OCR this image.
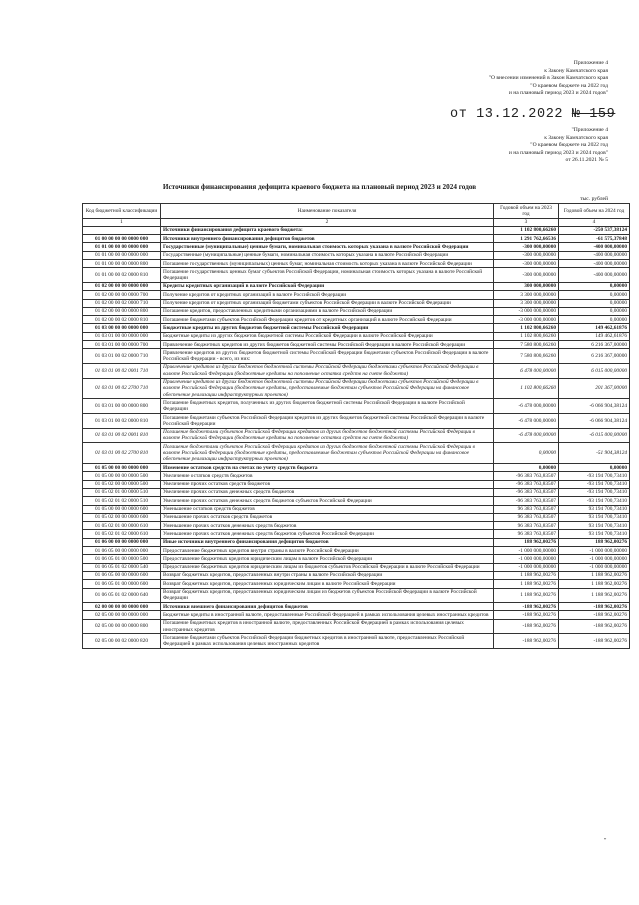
Приложение 4
к Закону Камчатского края
"О внесении изменений в Закон Камчатского края
"О краевом бюджете на 2022 год
и на плановый период 2023 и 2024 годов"
от 13.12.2022 № 159
"Приложение 4
к Закону Камчатского края
"О краевом бюджете на 2022 год
и на плановый период 2023 и 2024 годов"
от 26.11.2021 № 5
Источники финансирования дефицита краевого бюджета на плановый период 2023 и 2024 годов
тыс. рублей
Код бюджетной классификации	Наименование показателя	Годовой объем на 2023 год	Годовой объем на 2024 год
1	2	3	4
	Источники финансирования дефицита краевого бюджета:	1 102 800,66260	-250 537,38124
01 00 00 00 00 0000 000	Источники внутреннего финансирования дефицитов бюджетов	1 291 762,66536	-61 575,37848
01 01 00 00 00 0000 000	Государственные (муниципальные) ценные бумаги, номинальная стоимость которых указана в валюте Российской Федерации	-300 000,00000	-400 000,00000
01 01 00 00 00 0000 000	Государственные (муниципальные) ценные бумаги, номинальная стоимость которых указана в валюте Российской Федерации	-300 000,00000	-400 000,00000
01 01 00 00 00 0000 800	Погашение государственных (муниципальных) ценных бумаг, номинальная стоимость которых указана в валюте Российской Федерации	-300 000,00000	-400 000,00000
01 01 00 00 02 0000 810	Погашение государственных ценных бумаг субъектов Российской Федерации, номинальная стоимость которых указана в валюте Российской Федерации	-300 000,00000	-400 000,00000
01 02 00 00 00 0000 000	Кредиты кредитных организаций в валюте Российской Федерации	300 000,00000	0,00000
01 02 00 00 00 0000 700	Получение кредитов от кредитных организаций в валюте Российской Федерации	3 300 000,00000	0,00000
01 02 00 00 02 0000 710	Получение кредитов от кредитных организаций бюджетами субъектов Российской Федерации в валюте Российской Федерации	3 300 000,00000	0,00000
01 02 00 00 00 0000 800	Погашение кредитов, предоставленных кредитными организациями в валюте Российской Федерации	-3 000 000,00000	0,00000
01 02 00 00 02 0000 810	Погашение бюджетами субъектов Российской Федерации кредитов от кредитных организаций в валюте Российской Федерации	-3 000 000,00000	0,00000
01 03 00 00 00 0000 000	Бюджетные кредиты из других бюджетов бюджетной системы Российской Федерации	1 102 800,66260	149 462,61876
01 03 01 00 00 0000 000	Бюджетные кредиты из других бюджетов бюджетной системы Российской Федерации в валюте Российской Федерации	1 102 800,66260	149 462,61876
01 03 01 00 00 0000 700	Привлечение бюджетных кредитов из других бюджетов бюджетной системы Российской Федерации в валюте Российской Федерации	7 580 800,66260	6 216 367,00000
01 03 01 00 02 0000 710	Привлечение кредитов из других бюджетов бюджетной системы Российской Федерации бюджетами субъектов Российской Федерации в валюте Российской Федерации - всего, из них:	7 580 800,66260	6 216 367,00000
01 03 01 00 02 0001 710	Привлечение кредитов из других бюджетов бюджетной системы Российской Федерации бюджетами субъектов Российской Федерации в валюте Российской Федерации (бюджетные кредиты на пополнение остатка средств на счете бюджета)	6 478 000,00000	6 015 000,00000
01 03 01 00 02 2700 710	Привлечение кредитов из других бюджетов бюджетной системы Российской Федерации бюджетами субъектов Российской Федерации в валюте Российской Федерации (бюджетные кредиты, предоставляемые бюджетам субъектов Российской Федерации на финансовое обеспечение реализации инфраструктурных проектов)	1 102 800,66260	201 367,00000
01 03 01 00 00 0000 800	Погашение бюджетных кредитов, полученных из других бюджетов бюджетной системы Российской Федерации в валюте Российской Федерации	-6 478 000,00000	-6 066 904,38124
01 03 01 00 02 0000 810	Погашение бюджетами субъектов Российской Федерации кредитов из других бюджетов бюджетной системы Российской Федерации в валюте Российской Федерации	-6 478 000,00000	-6 066 904,38124
01 03 01 00 02 0001 810	Погашение бюджетами субъектов Российской Федерации кредитов из других бюджетов бюджетной системы Российской Федерации в валюте Российской Федерации (бюджетные кредиты на пополнение остатка средств на счете бюджета)	-6 478 000,00000	-6 015 000,00000
01 03 01 00 02 2700 810	Погашение бюджетами субъектов Российской Федерации кредитов из других бюджетов бюджетной системы Российской Федерации в валюте Российской Федерации (бюджетные кредиты, предоставляемые бюджетам субъектов Российской Федерации на финансовое обеспечение реализации инфраструктурных проектов)	0,00000	-51 904,38124
01 05 00 00 00 0000 000	Изменение остатков средств на счетах по учету средств бюджета	0,00000	0,00000
01 05 00 00 00 0000 500	Увеличение остатков средств бюджетов	-96 383 763,83507	-93 194 700,73410
01 05 02 00 00 0000 500	Увеличение прочих остатков средств бюджетов	-96 383 763,83507	-93 194 700,73410
01 05 02 01 00 0000 510	Увеличение прочих остатков денежных средств бюджетов	-96 383 763,83507	-93 194 700,73410
01 05 02 01 02 0000 510	Увеличение прочих остатков денежных средств бюджетов субъектов Российской Федерации	-96 383 763,83507	-93 194 700,73410
01 05 00 00 00 0000 600	Уменьшение остатков средств бюджетов	96 383 763,83507	93 194 700,73410
01 05 02 00 00 0000 600	Уменьшение прочих остатков средств бюджетов	96 383 763,83507	93 194 700,73410
01 05 02 01 00 0000 610	Уменьшение прочих остатков денежных средств бюджетов	96 383 763,83507	93 194 700,73410
01 05 02 01 02 0000 610	Уменьшение прочих остатков денежных средств бюджетов субъектов Российской Федерации	96 383 763,83507	93 194 700,73410
01 06 00 00 00 0000 000	Иные источники внутреннего финансирования дефицитов бюджетов	188 962,00276	188 962,00276
01 06 05 00 00 0000 000	Предоставление бюджетных кредитов внутри страны в валюте Российской Федерации	-1 000 000,00000	-1 000 000,00000
01 06 05 01 00 0000 500	Предоставление бюджетных кредитов юридическим лицам в валюте Российской Федерации	-1 000 000,00000	-1 000 000,00000
01 06 05 01 02 0000 540	Предоставление бюджетных кредитов юридическим лицам из бюджетов субъектов Российской Федерации в валюте Российской Федерации	-1 000 000,00000	-1 000 000,00000
01 06 05 00 00 0000 600	Возврат бюджетных кредитов, предоставленных внутри страны в валюте Российской Федерации	1 188 962,00276	1 188 962,00276
01 06 05 01 00 0000 600	Возврат бюджетных кредитов, предоставленных юридическим лицам в валюте Российской Федерации	1 188 962,00276	1 188 962,00276
01 06 05 01 02 0000 640	Возврат бюджетных кредитов, предоставленных юридическим лицам из бюджетов субъектов Российской Федерации в валюте Российской Федерации	1 188 962,00276	1 188 962,00276
02 00 00 00 00 0000 000	Источники внешнего финансирования дефицитов бюджетов	-188 962,00276	-188 962,00276
02 05 00 00 00 0000 000	Бюджетные кредиты в иностранной валюте, предоставленные Российской Федерацией в рамках использования целевых иностранных кредитов	-188 962,00276	-188 962,00276
02 05 00 00 00 0000 800	Погашение бюджетных кредитов в иностранной валюте, предоставленных Российской Федерацией в рамках использования целевых иностранных кредитов	-188 962,00276	-188 962,00276
02 05 00 00 02 0000 820	Погашение бюджетами субъектов Российской Федерации бюджетных кредитов в иностранной валюте, предоставленных Российской Федерацией в рамках использования целевых иностранных кредитов	-188 962,00276	-188 962,00276
"
